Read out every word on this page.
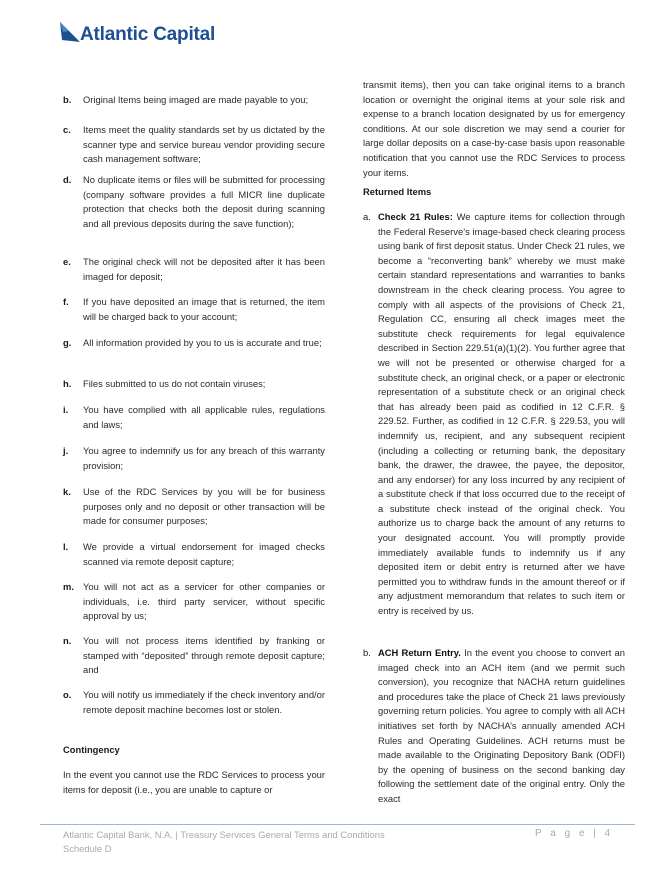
Atlantic Capital
b.	Original Items being imaged are made payable to you;
c.	Items meet the quality standards set by us dictated by the scanner type and service bureau vendor providing secure cash management software;
d.	No duplicate items or files will be submitted for processing (company software provides a full MICR line duplicate protection that checks both the deposit during scanning and all previous deposits during the save function);
e.	The original check will not be deposited after it has been imaged for deposit;
f.	If you have deposited an image that is returned, the item will be charged back to your account;
g.	All information provided by you to us is accurate and true;
h.	Files submitted to us do not contain viruses;
i.	You have complied with all applicable rules, regulations and laws;
j.	You agree to indemnify us for any breach of this warranty provision;
k.	Use of the RDC Services by you will be for business purposes only and no deposit or other transaction will be made for consumer purposes;
l.	We provide a virtual endorsement for imaged checks scanned via remote deposit capture;
m. You will not act as a servicer for other companies or individuals, i.e. third party servicer, without specific approval by us;
n.	You will not process items identified by franking or stamped with “deposited” through remote deposit capture; and
o.	You will notify us immediately if the check inventory and/or remote deposit machine becomes lost or stolen.
Contingency
In the event you cannot use the RDC Services to process your items for deposit (i.e., you are unable to capture or
transmit items), then you can take original items to a branch location or overnight the original items at your sole risk and expense to a branch location designated by us for emergency conditions. At our sole discretion we may send a courier for large dollar deposits on a case-by-case basis upon reasonable notification that you cannot use the RDC Services to process your items.
Returned Items
a. Check 21 Rules: We capture items for collection through the Federal Reserve’s image-based check clearing process using bank of first deposit status. Under Check 21 rules, we become a “reconverting bank” whereby we must make certain standard representations and warranties to banks downstream in the check clearing process. You agree to comply with all aspects of the provisions of Check 21, Regulation CC, ensuring all check images meet the substitute check requirements for legal equivalence described in Section 229.51(a)(1)(2). You further agree that we will not be presented or otherwise charged for a substitute check, an original check, or a paper or electronic representation of a substitute check or an original check that has already been paid as codified in 12 C.F.R. § 229.52. Further, as codified in 12 C.F.R. § 229.53, you will indemnify us, recipient, and any subsequent recipient (including a collecting or returning bank, the depositary bank, the drawer, the drawee, the payee, the depositor, and any endorser) for any loss incurred by any recipient of a substitute check if that loss occurred due to the receipt of a substitute check instead of the original check. You authorize us to charge back the amount of any returns to your designated account. You will promptly provide immediately available funds to indemnify us if any deposited item or debit entry is returned after we have permitted you to withdraw funds in the amount thereof or if any adjustment memorandum that relates to such item or entry is received by us.
b. ACH Return Entry. In the event you choose to convert an imaged check into an ACH item (and we permit such conversion), you recognize that NACHA return guidelines and procedures take the place of Check 21 laws previously governing return policies. You agree to comply with all ACH initiatives set forth by NACHA’s annually amended ACH Rules and Operating Guidelines. ACH returns must be made available to the Originating Depository Bank (ODFI) by the opening of business on the second banking day following the settlement date of the original entry. Only the exact
Atlantic Capital Bank, N.A. | Treasury Services General Terms and Conditions
Schedule D
P a g e | 4
